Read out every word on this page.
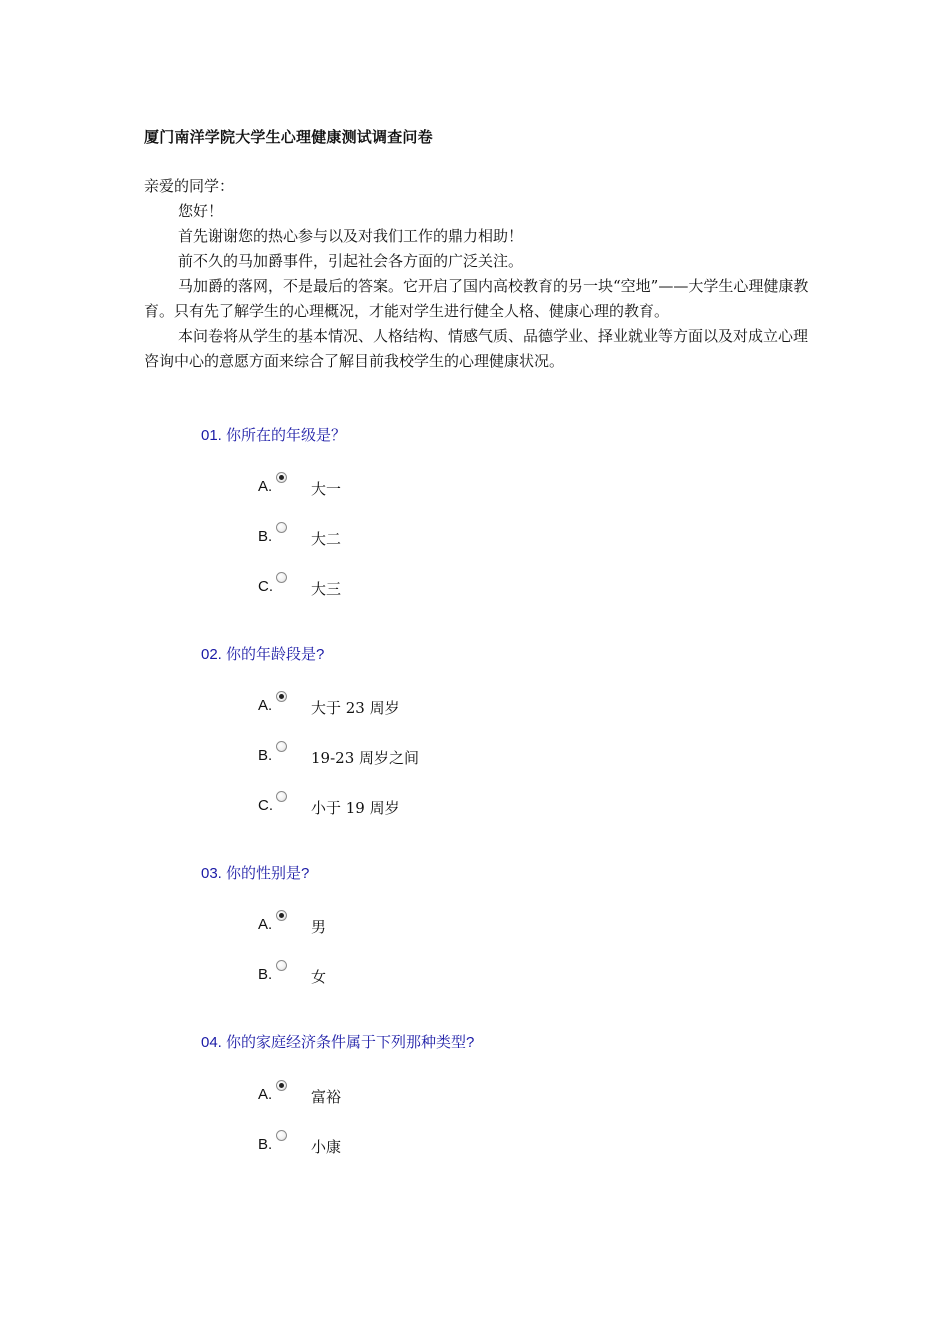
厦门南洋学院大学生心理健康测试调查问卷

亲爱的同学：

您好！

首先谢谢您的热心参与以及对我们工作的鼎力相助！

前不久的马加爵事件，引起社会各方面的广泛关注。

马加爵的落网，不是最后的答案。它开启了国内高校教育的另一块“空地”——大学生心理健康教育。只有先了解学生的心理概况，才能对学生进行健全人格、健康心理的教育。

本问卷将从学生的基本情况、人格结构、情感气质、品德学业、择业就业等方面以及对成立心理咨询中心的意愿方面来综合了解目前我校学生的心理健康状况。

01. 你所在的年级是？
A.	大一
B.	大二
C.	大三
02. 你的年龄段是?
A.	大于 23 周岁
B.	19-23 周岁之间
C.	小于 19 周岁
03. 你的性别是?
A.	男
B.	女
04. 你的家庭经济条件属于下列那种类型?
A.	富裕
B.	小康
